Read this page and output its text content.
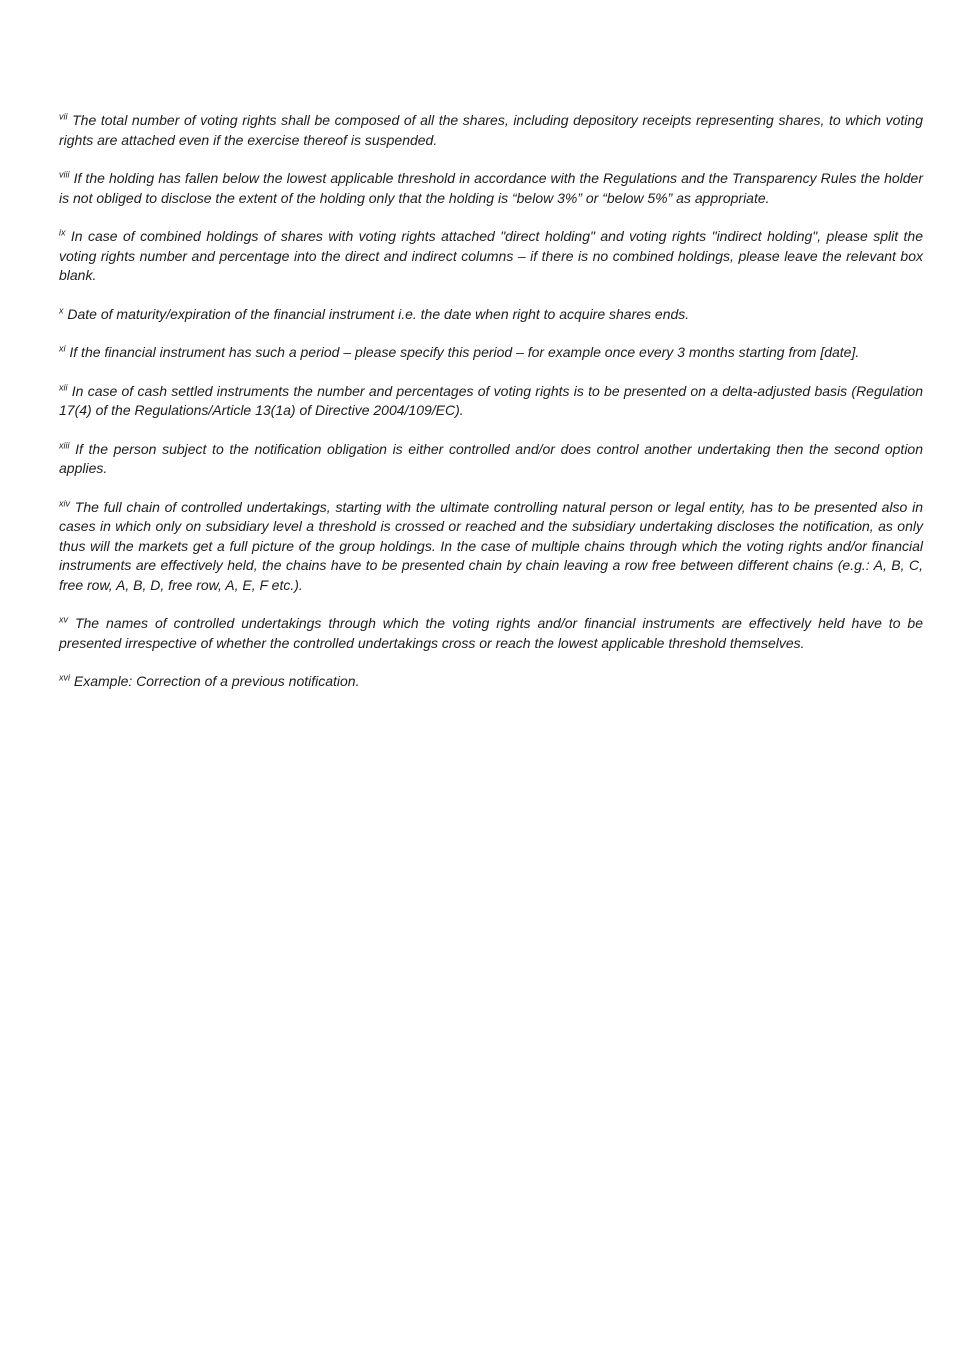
$^{vii}$ The total number of voting rights shall be composed of all the shares, including depository receipts representing shares, to which voting rights are attached even if the exercise thereof is suspended.

$^{viii}$ If the holding has fallen below the lowest applicable threshold in accordance with the Regulations and the Transparency Rules the holder is not obliged to disclose the extent of the holding only that the holding is “below 3%” or “below 5%” as appropriate.

$^{ix}$ In case of combined holdings of shares with voting rights attached "direct holding" and voting rights "indirect holding", please split the voting rights number and percentage into the direct and indirect columns – if there is no combined holdings, please leave the relevant box blank.

$^x$ Date of maturity/expiration of the financial instrument i.e. the date when right to acquire shares ends.

$^{xi}$ If the financial instrument has such a period – please specify this period – for example once every 3 months starting from [date].

$^{xii}$ In case of cash settled instruments the number and percentages of voting rights is to be presented on a delta-adjusted basis (Regulation 17(4) of the Regulations/Article 13(1a) of Directive 2004/109/EC).

$^{xiii}$ If the person subject to the notification obligation is either controlled and/or does control another undertaking then the second option applies.

$^{xiv}$ The full chain of controlled undertakings, starting with the ultimate controlling natural person or legal entity, has to be presented also in cases in which only on subsidiary level a threshold is crossed or reached and the subsidiary undertaking discloses the notification, as only thus will the markets get a full picture of the group holdings. In the case of multiple chains through which the voting rights and/or financial instruments are effectively held, the chains have to be presented chain by chain leaving a row free between different chains (e.g.: A, B, C, free row, A, B, D, free row, A, E, F etc.).

$^{xv}$ The names of controlled undertakings through which the voting rights and/or financial instruments are effectively held have to be presented irrespective of whether the controlled undertakings cross or reach the lowest applicable threshold themselves.

$^{xvi}$ Example: Correction of a previous notification.
